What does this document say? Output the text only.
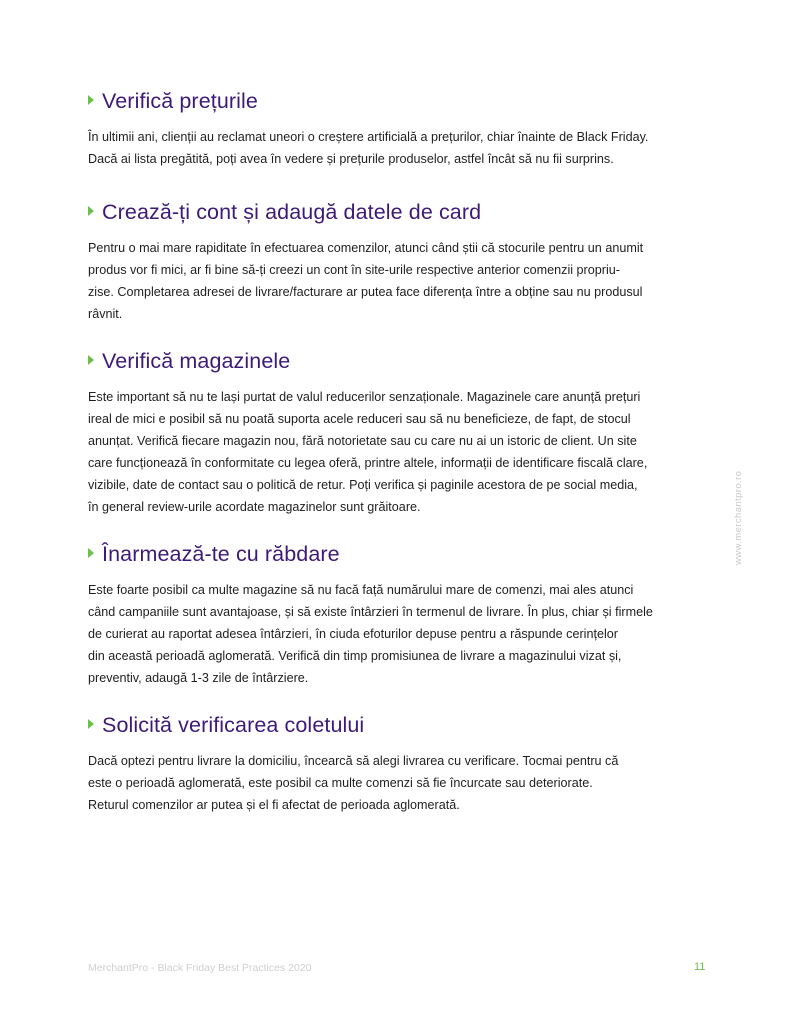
Verifică prețurile

În ultimii ani, clienții au reclamat uneori o creștere artificială a prețurilor, chiar înainte de Black Friday.
Dacă ai lista pregătită, poți avea în vedere și prețurile produselor, astfel încât să nu fii surprins.

Crează-ți cont și adaugă datele de card

Pentru o mai mare rapiditate în efectuarea comenzilor, atunci când știi că stocurile pentru un anumit
produs vor fi mici, ar fi bine să-ți creezi un cont în site-urile respective anterior comenzii propriu-
zise. Completarea adresei de livrare/facturare ar putea face diferența între a obține sau nu produsul
râvnit.

Verifică magazinele

Este important să nu te lași purtat de valul reducerilor senzaționale. Magazinele care anunță prețuri
ireal de mici e posibil să nu poată suporta acele reduceri sau să nu beneficieze, de fapt, de stocul
anunțat. Verifică fiecare magazin nou, fără notorietate sau cu care nu ai un istoric de client. Un site
care funcționează în conformitate cu legea oferă, printre altele, informații de identificare fiscală clare,
vizibile, date de contact sau o politică de retur. Poți verifica și paginile acestora de pe social media,
în general review-urile acordate magazinelor sunt grăitoare.

Înarmează-te cu răbdare

Este foarte posibil ca multe magazine să nu facă față numărului mare de comenzi, mai ales atunci
când campaniile sunt avantajoase, și să existe întârzieri în termenul de livrare. În plus, chiar și firmele
de curierat au raportat adesea întârzieri, în ciuda efoturilor depuse pentru a răspunde cerințelor
din această perioadă aglomerată. Verifică din timp promisiunea de livrare a magazinului vizat și,
preventiv, adaugă 1-3 zile de întârziere.

Solicită verificarea coletului

Dacă optezi pentru livrare la domiciliu, încearcă să alegi livrarea cu verificare. Tocmai pentru că
este o perioadă aglomerată, este posibil ca multe comenzi să fie încurcate sau deteriorate.
Returul comenzilor ar putea și el fi afectat de perioada aglomerată.

www.merchantpro.ro
MerchantPro - Black Friday Best Practices 2020	11
